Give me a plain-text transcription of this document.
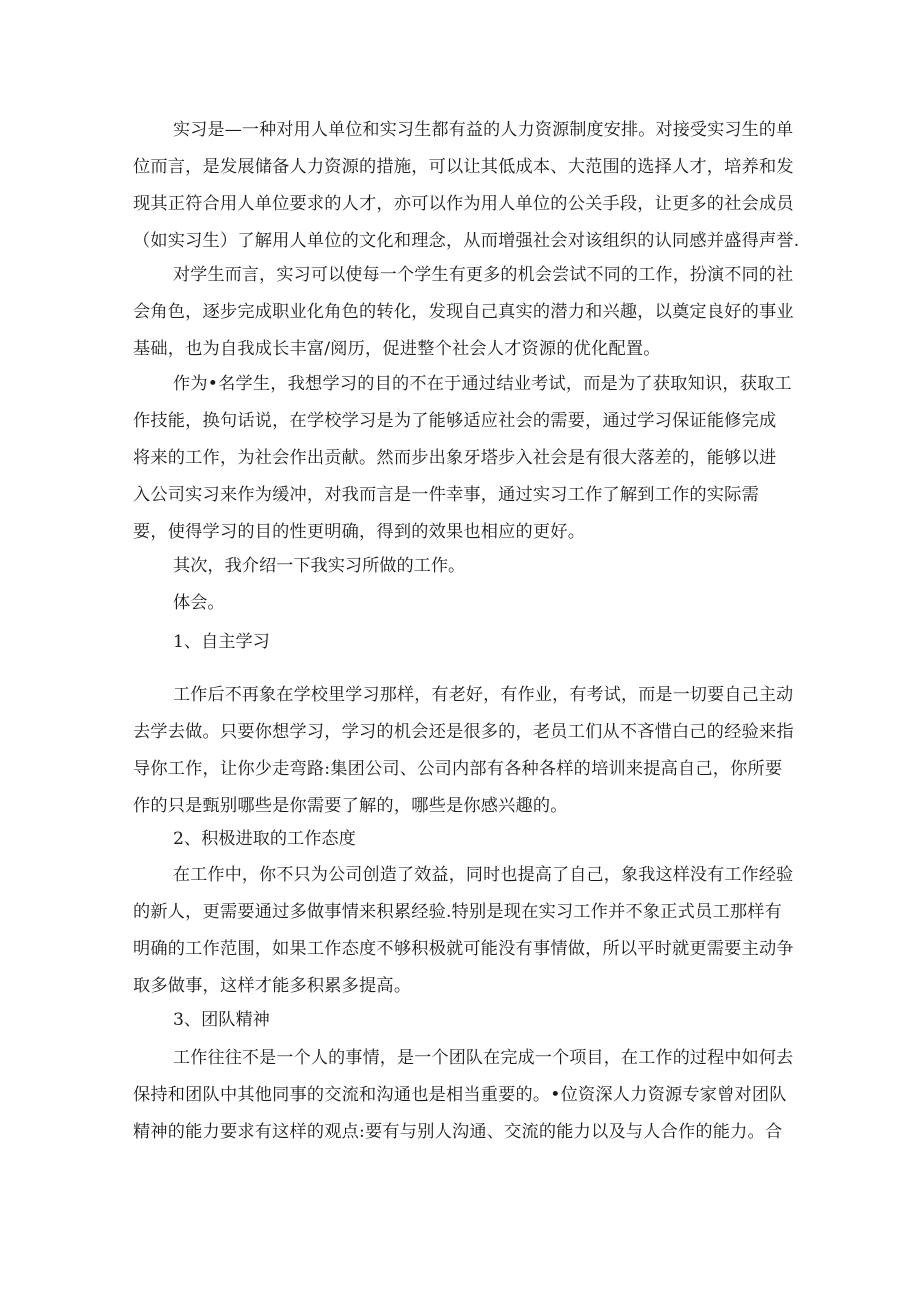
实习是—一种对用人单位和实习生都有益的人力资源制度安排。对接受实习生的单
位而言，是发展储备人力资源的措施，可以让其低成本、大范围的选择人才，培养和发
现其正符合用人单位要求的人才，亦可以作为用人单位的公关手段，让更多的社会成员
（如实习生）了解用人单位的文化和理念，从而增强社会对该组织的认同感并盛得声誉.

对学生而言，实习可以使每一个学生有更多的机会尝试不同的工作，扮演不同的社
会角色，逐步完成职业化角色的转化，发现自己真实的潜力和兴趣，以奠定良好的事业
基础，也为自我成长丰富/阅历，促进整个社会人才资源的优化配置。

作为•名学生，我想学习的目的不在于通过结业考试，而是为了获取知识，获取工
作技能，换句话说，在学校学习是为了能够适应社会的需要，通过学习保证能修完成
将来的工作，为社会作出贡献。然而步出象牙塔步入社会是有很大落差的，能够以进
入公司实习来作为缓冲，对我而言是一件幸事，通过实习工作了解到工作的实际需
要，使得学习的目的性更明确，得到的效果也相应的更好。

其次，我介绍一下我实习所做的工作。

体会。

1、自主学习

工作后不再象在学校里学习那样，有老好，有作业，有考试，而是一切要自己主动
去学去做。只要你想学习，学习的机会还是很多的，老员工们从不吝惜白己的经验来指
导你工作，让你少走弯路:集团公司、公司内部有各种各样的培训来提高自己，你所要
作的只是甄别哪些是你需要了解的，哪些是你感兴趣的。

2、积极进取的工作态度

在工作中，你不只为公司创造了效益，同时也提高了自己，象我这样没有工作经验
的新人，更需要通过多做事情来积累经验.特别是现在实习工作并不象正式员工那样有
明确的工作范围，如果工作态度不够积极就可能没有事情做，所以平时就更需要主动争
取多做事，这样才能多积累多提高。

3、团队精神

工作往往不是一个人的事情，是一个团队在完成一个项目，在工作的过程中如何去
保持和团队中其他同事的交流和沟通也是相当重要的。•位资深人力资源专家曾对团队
精神的能力要求有这样的观点:要有与别人沟通、交流的能力以及与人合作的能力。合
